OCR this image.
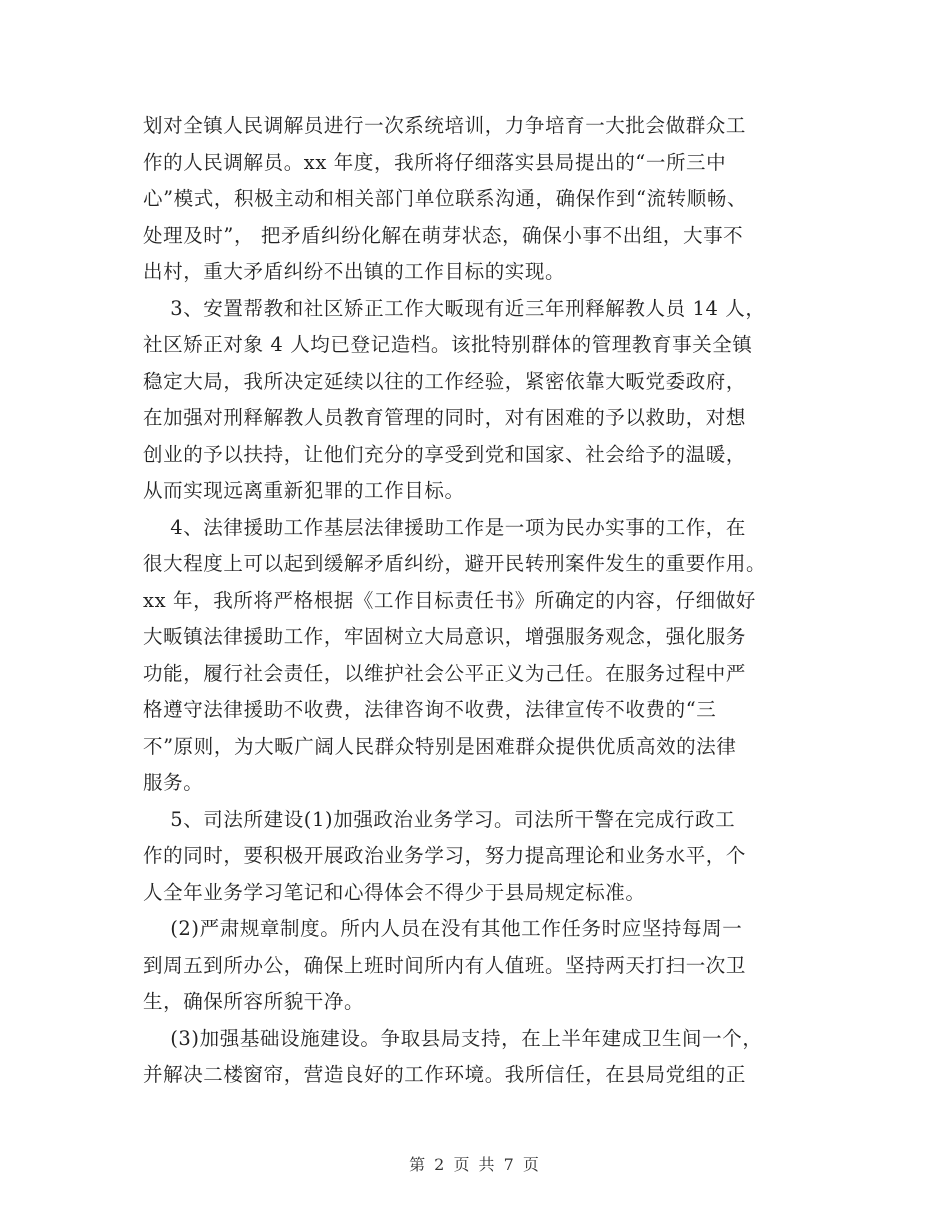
划对全镇人民调解员进行一次系统培训，力争培育一大批会做群众工
作的人民调解员。xx 年度，我所将仔细落实县局提出的“一所三中
心”模式，积极主动和相关部门单位联系沟通，确保作到“流转顺畅、
处理及时”， 把矛盾纠纷化解在萌芽状态，确保小事不出组，大事不
出村，重大矛盾纠纷不出镇的工作目标的实现。
3、安置帮教和社区矫正工作大畈现有近三年刑释解教人员 14 人，
社区矫正对象 4 人均已登记造档。该批特别群体的管理教育事关全镇
稳定大局，我所决定延续以往的工作经验，紧密依靠大畈党委政府，
在加强对刑释解教人员教育管理的同时，对有困难的予以救助，对想
创业的予以扶持，让他们充分的享受到党和国家、社会给予的温暖，
从而实现远离重新犯罪的工作目标。
4、法律援助工作基层法律援助工作是一项为民办实事的工作，在
很大程度上可以起到缓解矛盾纠纷，避开民转刑案件发生的重要作用。
xx 年，我所将严格根据《工作目标责任书》所确定的内容，仔细做好
大畈镇法律援助工作，牢固树立大局意识，增强服务观念，强化服务
功能，履行社会责任，以维护社会公平正义为己任。在服务过程中严
格遵守法律援助不收费，法律咨询不收费，法律宣传不收费的“三
不”原则，为大畈广阔人民群众特别是困难群众提供优质高效的法律
服务。
5、司法所建设(1)加强政治业务学习。司法所干警在完成行政工
作的同时，要积极开展政治业务学习，努力提高理论和业务水平，个
人全年业务学习笔记和心得体会不得少于县局规定标准。
(2)严肃规章制度。所内人员在没有其他工作任务时应坚持每周一
到周五到所办公，确保上班时间所内有人值班。坚持两天打扫一次卫
生，确保所容所貌干净。
(3)加强基础设施建设。争取县局支持，在上半年建成卫生间一个，
并解决二楼窗帘，营造良好的工作环境。我所信任，在县局党组的正
第 2 页 共 7 页
